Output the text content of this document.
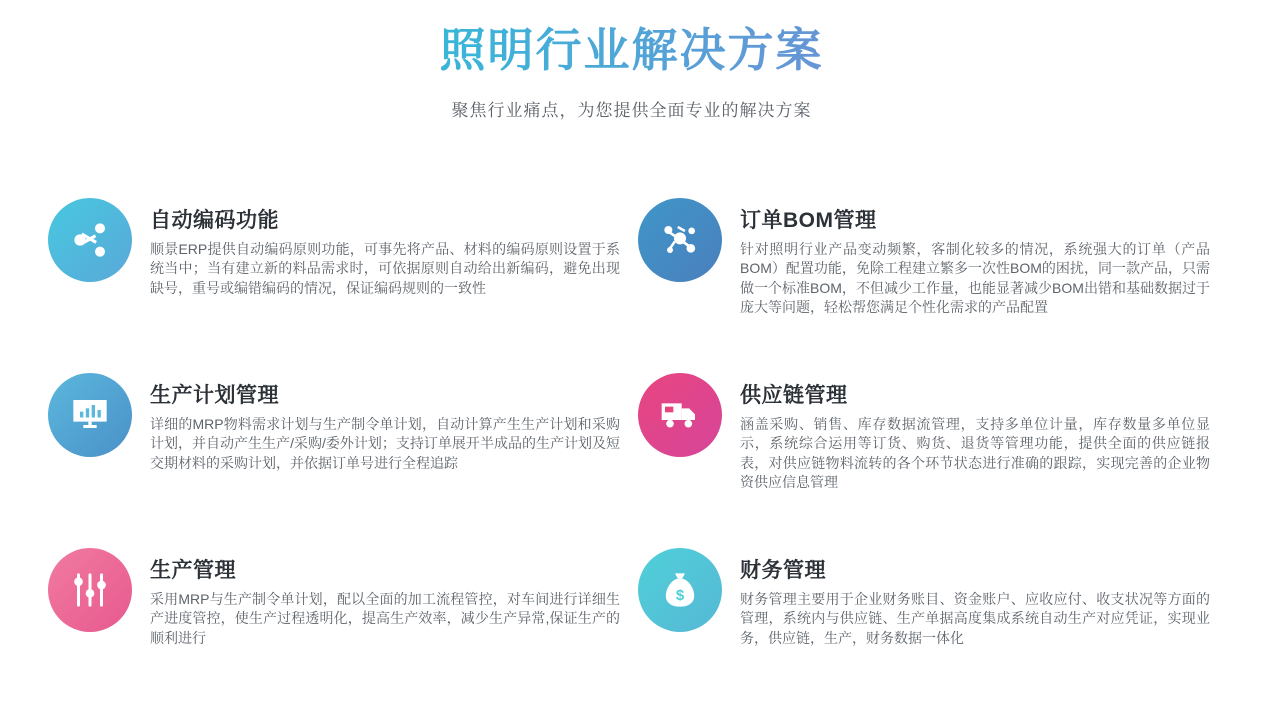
照明行业解决方案

聚焦行业痛点，为您提供全面专业的解决方案

自动编码功能

顺景ERP提供自动编码原则功能，可事先将产品、材料的编码原则设置于系统当中；当有建立新的料品需求时，可依据原则自动给出新编码，避免出现缺号，重号或编错编码的情况，保证编码规则的一致性

订单BOM管理

针对照明行业产品变动频繁，客制化较多的情况，系统强大的订单（产品BOM）配置功能，免除工程建立繁多一次性BOM的困扰，同一款产品，只需做一个标准BOM，不但减少工作量，也能显著减少BOM出错和基础数据过于庞大等问题，轻松帮您满足个性化需求的产品配置

生产计划管理

详细的MRP物料需求计划与生产制令单计划，自动计算产生生产计划和采购计划，并自动产生生产/采购/委外计划；支持订单展开半成品的生产计划及短交期材料的采购计划，并依据订单号进行全程追踪

供应链管理

涵盖采购、销售、库存数据流管理，支持多单位计量，库存数量多单位显示，系统综合运用等订货、购货、退货等管理功能，提供全面的供应链报表，对供应链物料流转的各个环节状态进行准确的跟踪，实现完善的企业物资供应信息管理

生产管理

采用MRP与生产制令单计划，配以全面的加工流程管控，对车间进行详细生产进度管控，使生产过程透明化，提高生产效率，减少生产异常,保证生产的顺利进行

$
财务管理

财务管理主要用于企业财务账目、资金账户、应收应付、收支状况等方面的管理，系统内与供应链、生产单据高度集成系统自动生产对应凭证，实现业务，供应链，生产，财务数据一体化
